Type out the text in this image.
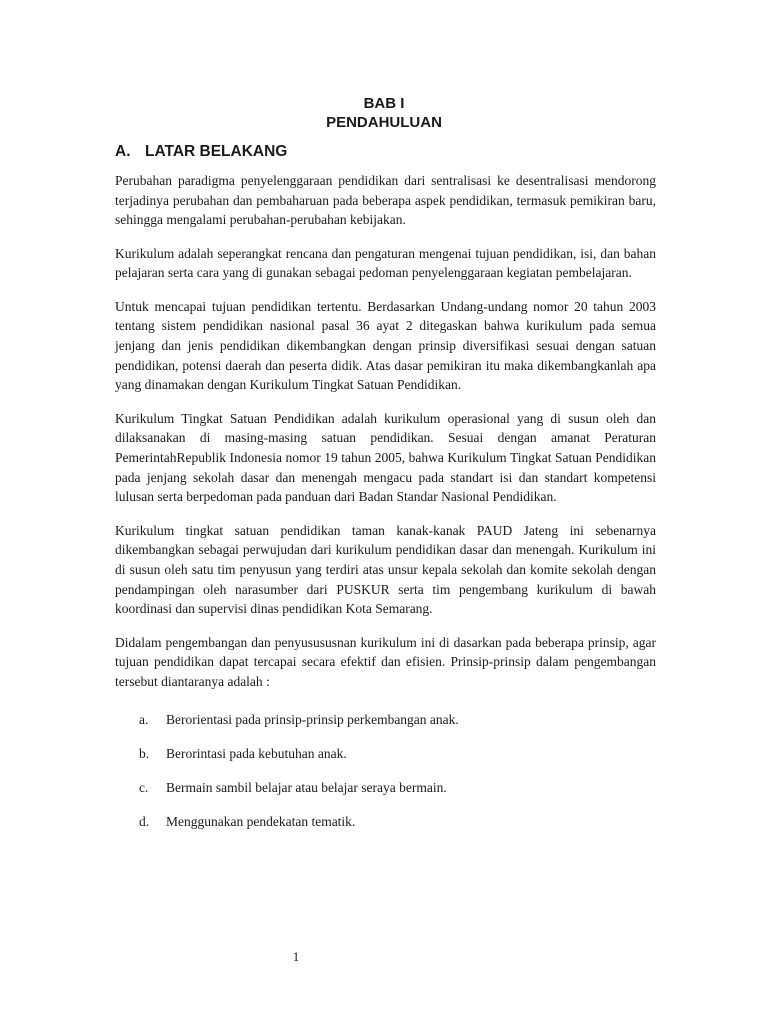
BAB I
PENDAHULUAN
A. LATAR BELAKANG

Perubahan paradigma penyelenggaraan pendidikan dari sentralisasi ke desentralisasi mendorong terjadinya perubahan dan pembaharuan pada beberapa aspek pendidikan, termasuk pemikiran baru, sehingga mengalami perubahan-perubahan kebijakan.

Kurikulum adalah seperangkat rencana dan pengaturan mengenai tujuan pendidikan, isi, dan bahan pelajaran serta cara yang di gunakan sebagai pedoman penyelenggaraan kegiatan pembelajaran.

Untuk mencapai tujuan pendidikan tertentu. Berdasarkan Undang-undang nomor 20 tahun 2003 tentang sistem pendidikan nasional pasal 36 ayat 2 ditegaskan bahwa kurikulum pada semua jenjang dan jenis pendidikan dikembangkan dengan prinsip diversifikasi sesuai dengan satuan pendidikan, potensi daerah dan peserta didik. Atas dasar pemikiran itu maka dikembangkanlah apa yang dinamakan dengan Kurikulum Tingkat Satuan Pendidikan.

Kurikulum Tingkat Satuan Pendidikan adalah kurikulum operasional yang di susun oleh dan dilaksanakan di masing-masing satuan pendidikan. Sesuai dengan amanat Peraturan PemerintahRepublik Indonesia nomor 19 tahun 2005, bahwa Kurikulum Tingkat Satuan Pendidikan pada jenjang sekolah dasar dan menengah mengacu pada standart isi dan standart kompetensi lulusan serta berpedoman pada panduan dari Badan Standar Nasional Pendidikan.

Kurikulum tingkat satuan pendidikan taman kanak-kanak PAUD Jateng ini sebenarnya dikembangkan sebagai perwujudan dari kurikulum pendidikan dasar dan menengah. Kurikulum ini di susun oleh satu tim penyusun yang terdiri atas unsur kepala sekolah dan komite sekolah dengan pendampingan oleh narasumber dari PUSKUR serta tim pengembang kurikulum di bawah koordinasi dan supervisi dinas pendidikan Kota Semarang.

Didalam pengembangan dan penyusususnan kurikulum ini di dasarkan pada beberapa prinsip, agar tujuan pendidikan dapat tercapai secara efektif dan efisien. Prinsip-prinsip dalam pengembangan tersebut diantaranya adalah :

a.	Berorientasi pada prinsip-prinsip perkembangan anak.
b.	Berorintasi pada kebutuhan anak.
c.	Bermain sambil belajar atau belajar seraya bermain.
d.	Menggunakan pendekatan tematik.
1
